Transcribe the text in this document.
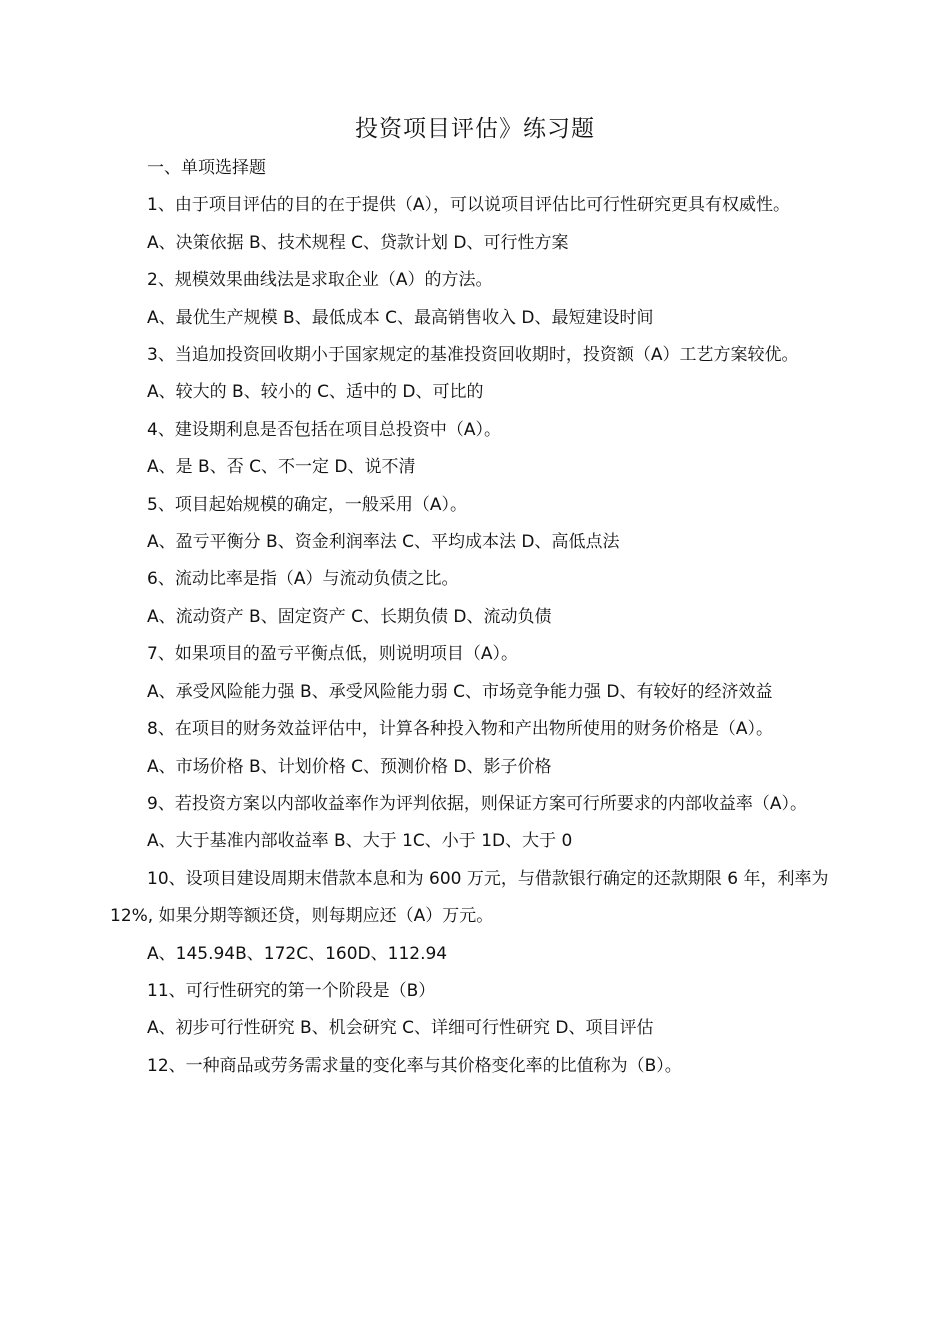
投资项目评估》练习题

一、单项选择题

1、由于项目评估的目的在于提供（A），可以说项目评估比可行性研究更具有权威性。

A、决策依据 B、技术规程 C、贷款计划 D、可行性方案

2、规模效果曲线法是求取企业（A）的方法。

A、最优生产规模 B、最低成本 C、最高销售收入 D、最短建设时间

3、当追加投资回收期小于国家规定的基准投资回收期时，投资额（A）工艺方案较优。

A、较大的 B、较小的 C、适中的 D、可比的

4、建设期利息是否包括在项目总投资中（A）。

A、是 B、否 C、不一定 D、说不清

5、项目起始规模的确定，一般采用（A）。

A、盈亏平衡分 B、资金利润率法 C、平均成本法 D、高低点法

6、流动比率是指（A）与流动负债之比。

A、流动资产 B、固定资产 C、长期负债 D、流动负债

7、如果项目的盈亏平衡点低，则说明项目（A）。

A、承受风险能力强 B、承受风险能力弱 C、市场竞争能力强 D、有较好的经济效益

8、在项目的财务效益评估中，计算各种投入物和产出物所使用的财务价格是（A）。

A、市场价格 B、计划价格 C、预测价格 D、影子价格

9、若投资方案以内部收益率作为评判依据，则保证方案可行所要求的内部收益率（A）。

A、大于基准内部收益率 B、大于 1C、小于 1D、大于 0

10、设项目建设周期末借款本息和为 600 万元，与借款银行确定的还款期限 6 年，利率为 12%, 如果分期等额还贷，则每期应还（A）万元。

A、145.94B、172C、160D、112.94

11、可行性研究的第一个阶段是（B）

A、初步可行性研究 B、机会研究 C、详细可行性研究 D、项目评估

12、一种商品或劳务需求量的变化率与其价格变化率的比值称为（B）。
